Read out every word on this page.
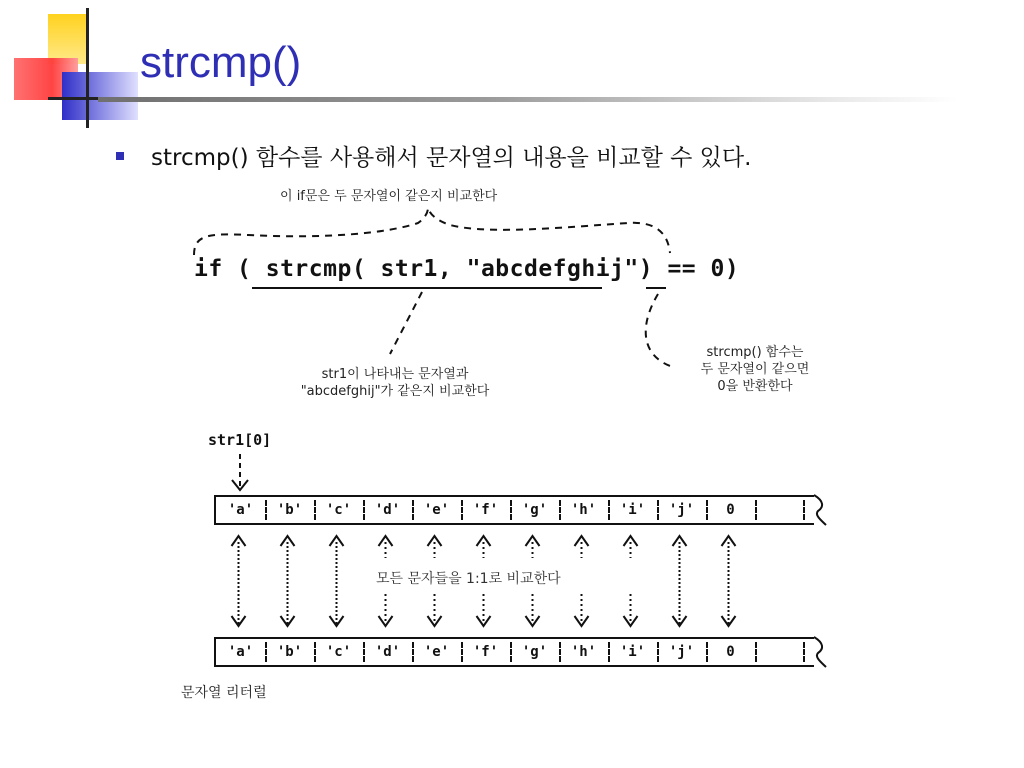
strcmp()
strcmp() 함수를 사용해서 문자열의 내용을 비교할 수 있다.
이 if문은 두 문자열이 같은지 비교한다
if ( strcmp( str1, "abcdefghij") == 0)
str1이 나타내는 문자열과
"abcdefghij"가 같은지 비교한다
strcmp() 함수는
두 문자열이 같으면
0을 반환한다
str1[0]
'a'	'b'	'c'	'd'	'e'	'f'	'g'	'h'	'i'	'j'	0
모든 문자들을 1:1로 비교한다
'a'	'b'	'c'	'd'	'e'	'f'	'g'	'h'	'i'	'j'	0
문자열 리터럴
